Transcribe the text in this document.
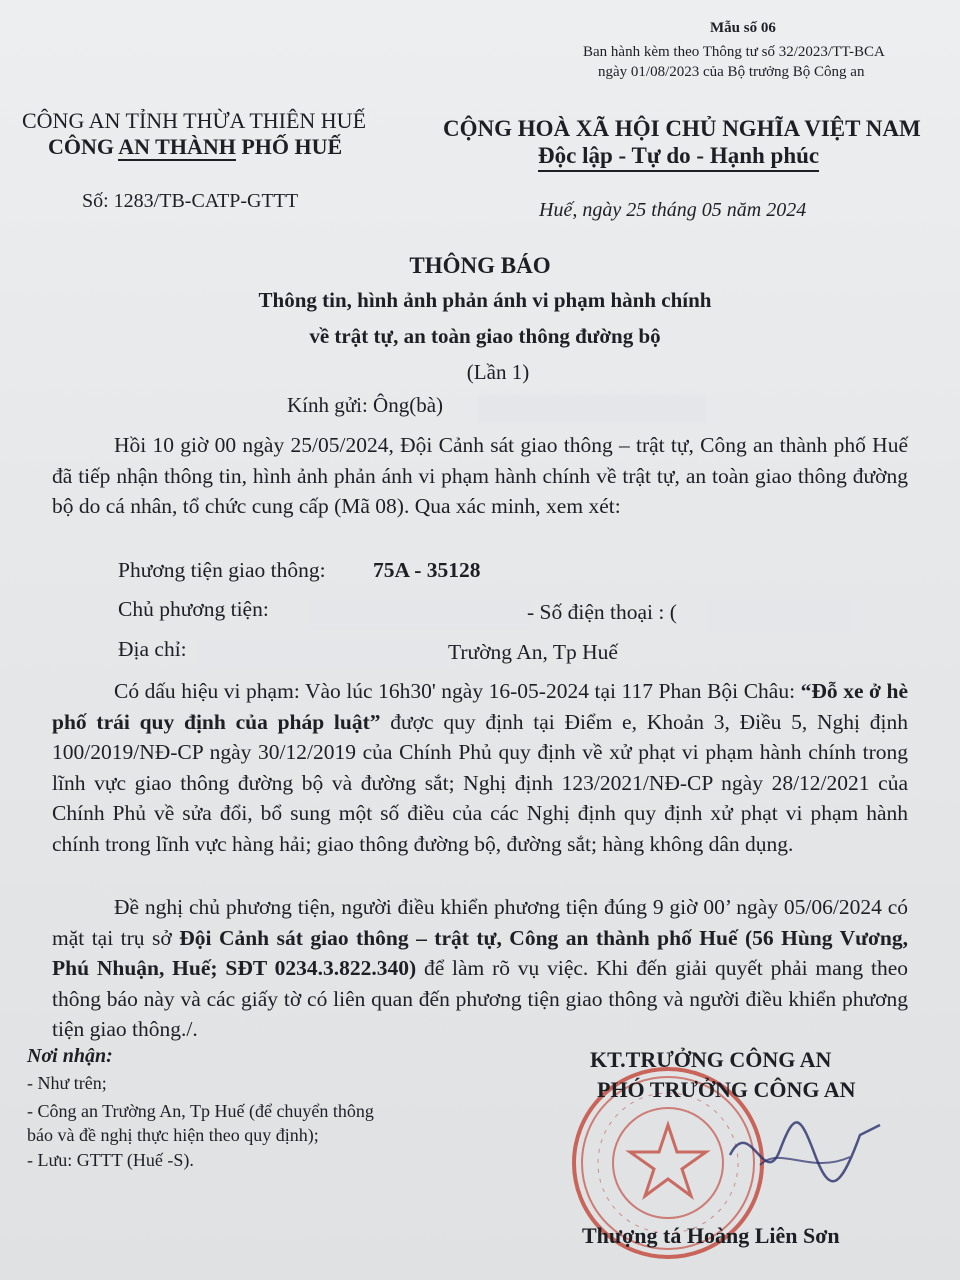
Mẫu số 06
Ban hành kèm theo Thông tư số 32/2023/TT-BCA
ngày 01/08/2023 của Bộ trưởng Bộ Công an
CÔNG AN TỈNH THỪA THIÊN HUẾ
CÔNG AN THÀNH PHỐ HUẾ
CỘNG HOÀ XÃ HỘI CHỦ NGHĨA VIỆT NAM
Độc lập - Tự do - Hạnh phúc
Số: 1283/TB-CATP-GTTT	Huế, ngày 25 tháng 05 năm 2024
THÔNG BÁO
Thông tin, hình ảnh phản ánh vi phạm hành chính
về trật tự, an toàn giao thông đường bộ
(Lần 1)
Kính gửi: Ông(bà)
Hồi 10 giờ 00 ngày 25/05/2024, Đội Cảnh sát giao thông – trật tự, Công an thành phố Huế đã tiếp nhận thông tin, hình ảnh phản ánh vi phạm hành chính về trật tự, an toàn giao thông đường bộ do cá nhân, tổ chức cung cấp (Mã 08). Qua xác minh, xem xét:
Phương tiện giao thông: 75A - 35128
Chủ phương tiện:	- Số điện thoại : (
Địa chỉ:	Trường An, Tp Huế
Có dấu hiệu vi phạm: Vào lúc 16h30' ngày 16-05-2024 tại 117 Phan Bội Châu: “Đỗ xe ở hè phố trái quy định của pháp luật” được quy định tại Điểm e, Khoản 3, Điều 5, Nghị định 100/2019/NĐ-CP ngày 30/12/2019 của Chính Phủ quy định về xử phạt vi phạm hành chính trong lĩnh vực giao thông đường bộ và đường sắt; Nghị định 123/2021/NĐ-CP ngày 28/12/2021 của Chính Phủ về sửa đổi, bổ sung một số điều của các Nghị định quy định xử phạt vi phạm hành chính trong lĩnh vực hàng hải; giao thông đường bộ, đường sắt; hàng không dân dụng.
Đề nghị chủ phương tiện, người điều khiển phương tiện đúng 9 giờ 00’ ngày 05/06/2024 có mặt tại trụ sở Đội Cảnh sát giao thông – trật tự, Công an thành phố Huế (56 Hùng Vương, Phú Nhuận, Huế; SĐT 0234.3.822.340) để làm rõ vụ việc. Khi đến giải quyết phải mang theo thông báo này và các giấy tờ có liên quan đến phương tiện giao thông và người điều khiển phương tiện giao thông./.
Nơi nhận:
- Như trên;
- Công an Trường An, Tp Huế (để chuyển thông
báo và đề nghị thực hiện theo quy định);
- Lưu: GTTT (Huế -S).
KT.TRƯỞNG CÔNG AN
PHÓ TRƯỞNG CÔNG AN
Thượng tá Hoàng Liên Sơn
